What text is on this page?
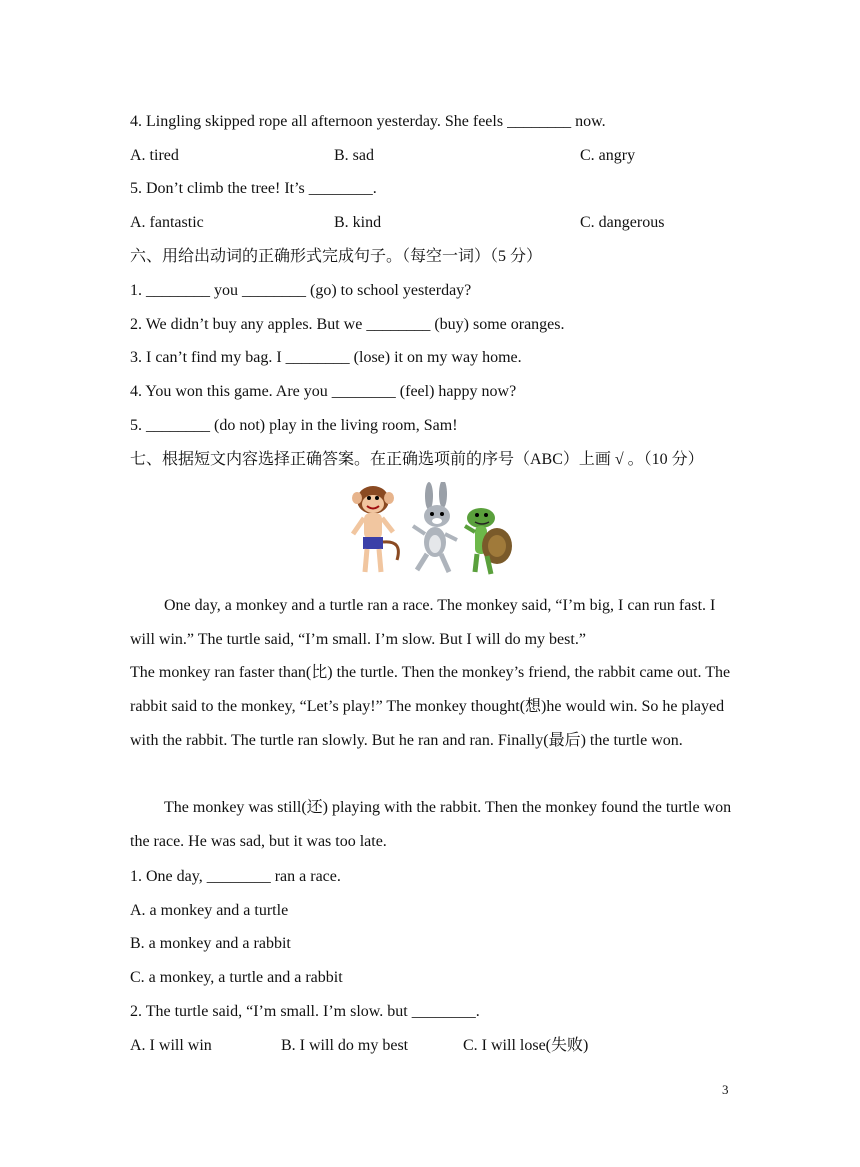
4. Lingling skipped rope all afternoon yesterday. She feels ________ now.
A. tired	B. sad	C. angry
5. Don’t climb the tree! It’s ________.
A. fantastic	B. kind	C. dangerous
六、用给出动词的正确形式完成句子。（每空一词）（5 分）
1. ________ you ________ (go) to school yesterday?
2. We didn’t buy any apples. But we ________ (buy) some oranges.
3. I can’t find my bag. I ________ (lose) it on my way home.
4. You won this game. Are you ________ (feel) happy now?
5. ________ (do not) play in the living room, Sam!
七、根据短文内容选择正确答案。在正确选项前的序号（ABC）上画 √ 。（10 分）
One day, a monkey and a turtle ran a race. The monkey said, “I’m big, I can run fast. I will win.” The turtle said, “I’m small. I’m slow. But I will do my best.”
The monkey ran faster than(比) the turtle. Then the monkey’s friend, the rabbit came out. The rabbit said to the monkey, “Let’s play!” The monkey thought(想)he would win. So he played with the rabbit. The turtle ran slowly. But he ran and ran. Finally(最后) the turtle won.
The monkey was still(还) playing with the rabbit. Then the monkey found the turtle won the race. He was sad, but it was too late.
1. One day, ________ ran a race.
A. a monkey and a turtle
B. a monkey and a rabbit
C. a monkey, a turtle and a rabbit
2. The turtle said, “I’m small. I’m slow. but ________.
A. I will win	B. I will do my best	C. I will lose(失败)
3
